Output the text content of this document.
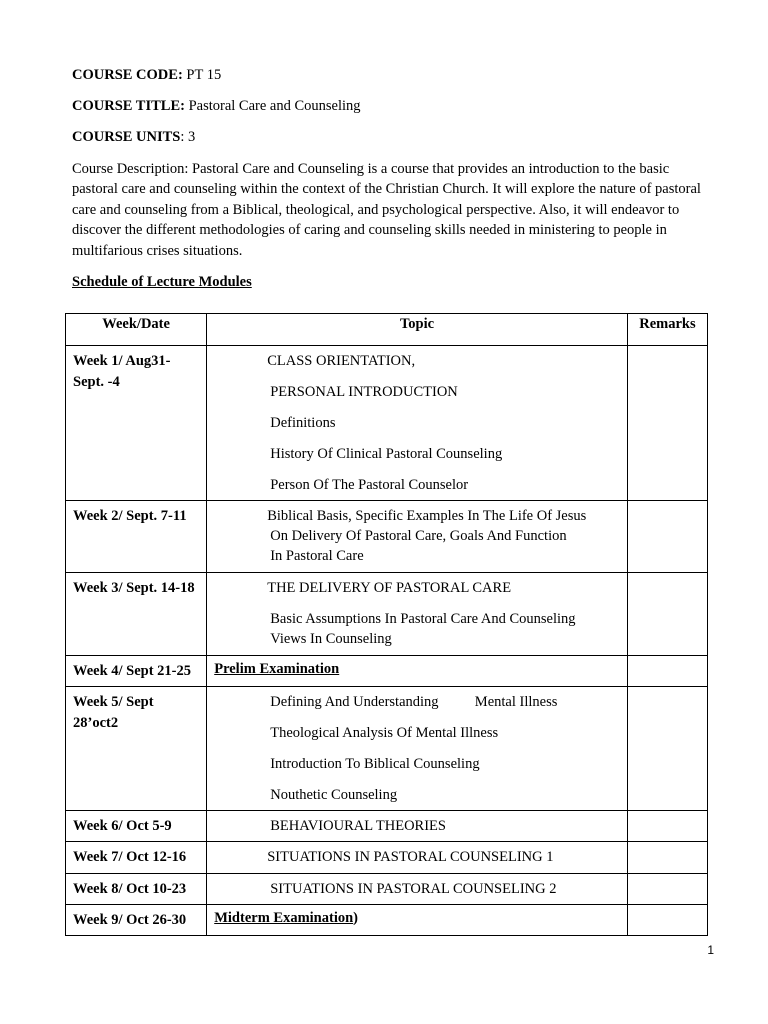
COURSE CODE: PT 15

COURSE TITLE: Pastoral Care and Counseling

COURSE UNITS: 3

Course Description: Pastoral Care and Counseling is a course that provides an introduction to the basic pastoral care and counseling within the context of the Christian Church. It will explore the nature of pastoral care and counseling from a Biblical, theological, and psychological perspective. Also, it will endeavor to discover the different methodologies of caring and counseling skills needed in ministering to people in multifarious crises situations.

Schedule of Lecture Modules

Week/Date	Topic	Remarks
Week 1/ Aug31- Sept. -4	CLASS ORIENTATION,
PERSONAL INTRODUCTION
Definitions
History Of Clinical Pastoral Counseling
Person Of The Pastoral Counselor	

Week 2/ Sept. 7-11	Biblical Basis, Specific Examples In The Life Of Jesus
On Delivery Of Pastoral Care, Goals And Function
In Pastoral Care	

Week 3/ Sept. 14-18	THE DELIVERY OF PASTORAL CARE
Basic Assumptions In Pastoral Care And Counseling
Views In Counseling	

Week 4/ Sept 21-25	Prelim Examination	
Week 5/ Sept 28’oct2	Defining And Understanding          Mental Illness
Theological Analysis Of Mental Illness
Introduction To Biblical Counseling
Nouthetic Counseling	

Week 6/ Oct 5-9	BEHAVIOURAL THEORIES	

Week 7/ Oct 12-16	SITUATIONS IN PASTORAL COUNSELING 1	

Week 8/ Oct 10-23	SITUATIONS IN PASTORAL COUNSELING 2	

Week 9/ Oct 26-30	Midterm Examination)	
1
